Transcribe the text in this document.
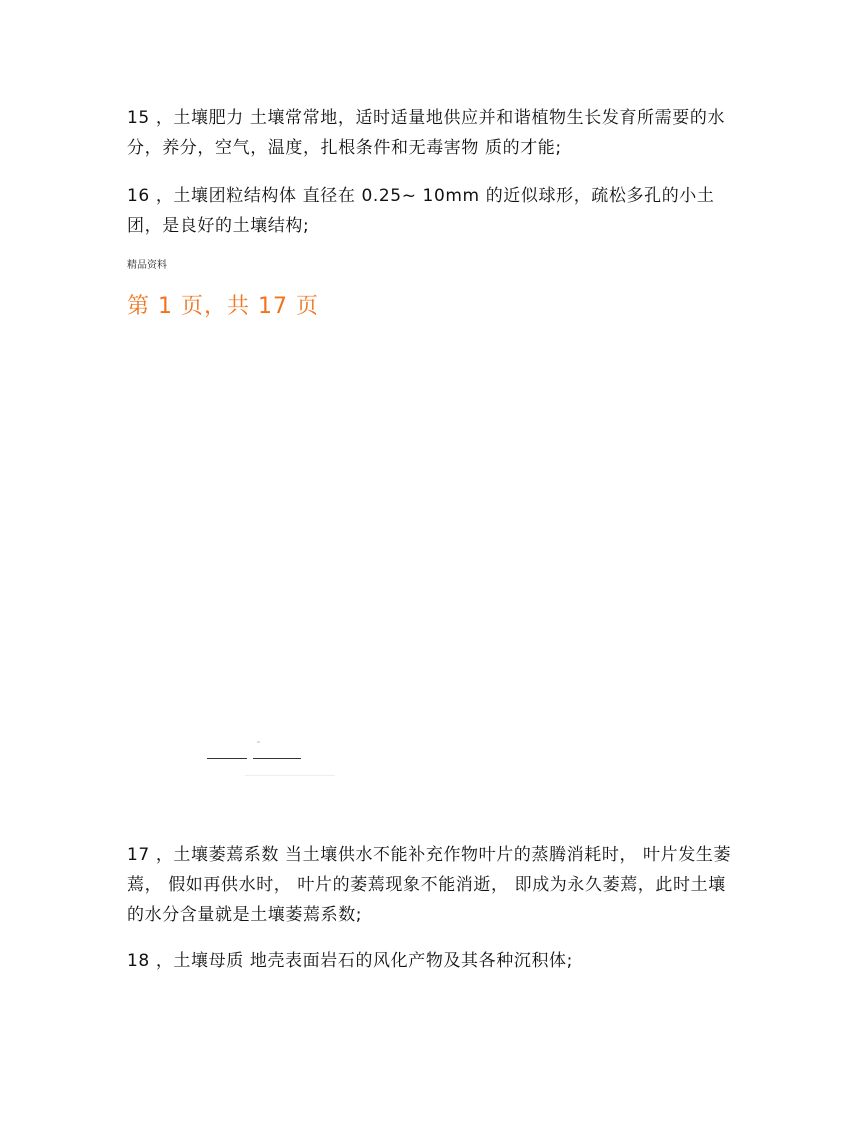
15 ，土壤肥力 土壤常常地，适时适量地供应并和谐植物生长发育所需要的水分，养分，空气，温度，扎根条件和无毒害物 质的才能;

16 ，土壤团粒结构体 直径在 0.25~ 10mm 的近似球形，疏松多孔的小土团，是良好的土壤结构;

精品资料
第 1 页，共 17 页

17 ，土壤萎蔫系数 当土壤供水不能补充作物叶片的蒸腾消耗时， 叶片发生萎蔫， 假如再供水时， 叶片的萎蔫现象不能消逝， 即成为永久萎蔫，此时土壤的水分含量就是土壤萎蔫系数;

18 ，土壤母质 地壳表面岩石的风化产物及其各种沉积体;
